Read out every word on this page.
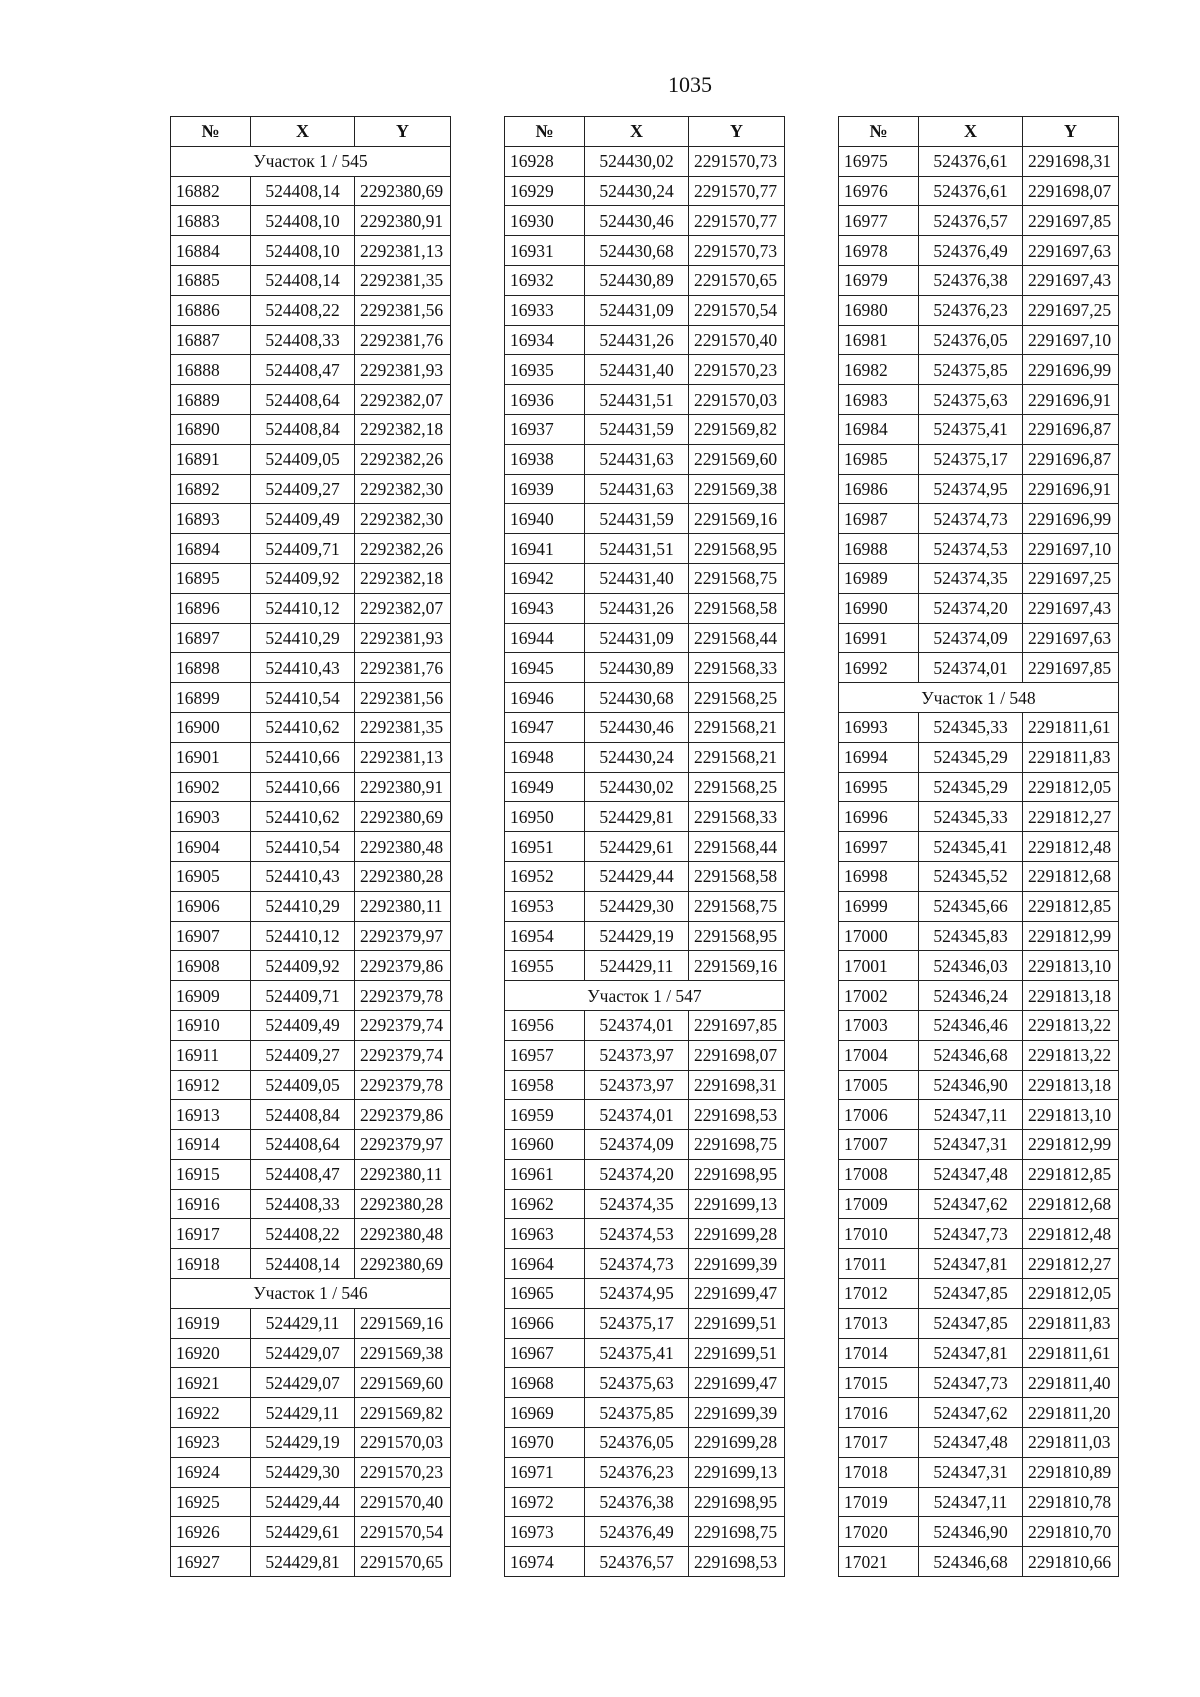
1035
№	X	Y
Участок 1 / 545		
16882	524408,14	2292380,69
16883	524408,10	2292380,91
16884	524408,10	2292381,13
16885	524408,14	2292381,35
16886	524408,22	2292381,56
16887	524408,33	2292381,76
16888	524408,47	2292381,93
16889	524408,64	2292382,07
16890	524408,84	2292382,18
16891	524409,05	2292382,26
16892	524409,27	2292382,30
16893	524409,49	2292382,30
16894	524409,71	2292382,26
16895	524409,92	2292382,18
16896	524410,12	2292382,07
16897	524410,29	2292381,93
16898	524410,43	2292381,76
16899	524410,54	2292381,56
16900	524410,62	2292381,35
16901	524410,66	2292381,13
16902	524410,66	2292380,91
16903	524410,62	2292380,69
16904	524410,54	2292380,48
16905	524410,43	2292380,28
16906	524410,29	2292380,11
16907	524410,12	2292379,97
16908	524409,92	2292379,86
16909	524409,71	2292379,78
16910	524409,49	2292379,74
16911	524409,27	2292379,74
16912	524409,05	2292379,78
16913	524408,84	2292379,86
16914	524408,64	2292379,97
16915	524408,47	2292380,11
16916	524408,33	2292380,28
16917	524408,22	2292380,48
16918	524408,14	2292380,69
Участок 1 / 546		
16919	524429,11	2291569,16
16920	524429,07	2291569,38
16921	524429,07	2291569,60
16922	524429,11	2291569,82
16923	524429,19	2291570,03
16924	524429,30	2291570,23
16925	524429,44	2291570,40
16926	524429,61	2291570,54
16927	524429,81	2291570,65
№	X	Y
16928	524430,02	2291570,73
16929	524430,24	2291570,77
16930	524430,46	2291570,77
16931	524430,68	2291570,73
16932	524430,89	2291570,65
16933	524431,09	2291570,54
16934	524431,26	2291570,40
16935	524431,40	2291570,23
16936	524431,51	2291570,03
16937	524431,59	2291569,82
16938	524431,63	2291569,60
16939	524431,63	2291569,38
16940	524431,59	2291569,16
16941	524431,51	2291568,95
16942	524431,40	2291568,75
16943	524431,26	2291568,58
16944	524431,09	2291568,44
16945	524430,89	2291568,33
16946	524430,68	2291568,25
16947	524430,46	2291568,21
16948	524430,24	2291568,21
16949	524430,02	2291568,25
16950	524429,81	2291568,33
16951	524429,61	2291568,44
16952	524429,44	2291568,58
16953	524429,30	2291568,75
16954	524429,19	2291568,95
16955	524429,11	2291569,16
Участок 1 / 547		
16956	524374,01	2291697,85
16957	524373,97	2291698,07
16958	524373,97	2291698,31
16959	524374,01	2291698,53
16960	524374,09	2291698,75
16961	524374,20	2291698,95
16962	524374,35	2291699,13
16963	524374,53	2291699,28
16964	524374,73	2291699,39
16965	524374,95	2291699,47
16966	524375,17	2291699,51
16967	524375,41	2291699,51
16968	524375,63	2291699,47
16969	524375,85	2291699,39
16970	524376,05	2291699,28
16971	524376,23	2291699,13
16972	524376,38	2291698,95
16973	524376,49	2291698,75
16974	524376,57	2291698,53
№	X	Y
16975	524376,61	2291698,31
16976	524376,61	2291698,07
16977	524376,57	2291697,85
16978	524376,49	2291697,63
16979	524376,38	2291697,43
16980	524376,23	2291697,25
16981	524376,05	2291697,10
16982	524375,85	2291696,99
16983	524375,63	2291696,91
16984	524375,41	2291696,87
16985	524375,17	2291696,87
16986	524374,95	2291696,91
16987	524374,73	2291696,99
16988	524374,53	2291697,10
16989	524374,35	2291697,25
16990	524374,20	2291697,43
16991	524374,09	2291697,63
16992	524374,01	2291697,85
Участок 1 / 548		
16993	524345,33	2291811,61
16994	524345,29	2291811,83
16995	524345,29	2291812,05
16996	524345,33	2291812,27
16997	524345,41	2291812,48
16998	524345,52	2291812,68
16999	524345,66	2291812,85
17000	524345,83	2291812,99
17001	524346,03	2291813,10
17002	524346,24	2291813,18
17003	524346,46	2291813,22
17004	524346,68	2291813,22
17005	524346,90	2291813,18
17006	524347,11	2291813,10
17007	524347,31	2291812,99
17008	524347,48	2291812,85
17009	524347,62	2291812,68
17010	524347,73	2291812,48
17011	524347,81	2291812,27
17012	524347,85	2291812,05
17013	524347,85	2291811,83
17014	524347,81	2291811,61
17015	524347,73	2291811,40
17016	524347,62	2291811,20
17017	524347,48	2291811,03
17018	524347,31	2291810,89
17019	524347,11	2291810,78
17020	524346,90	2291810,70
17021	524346,68	2291810,66
